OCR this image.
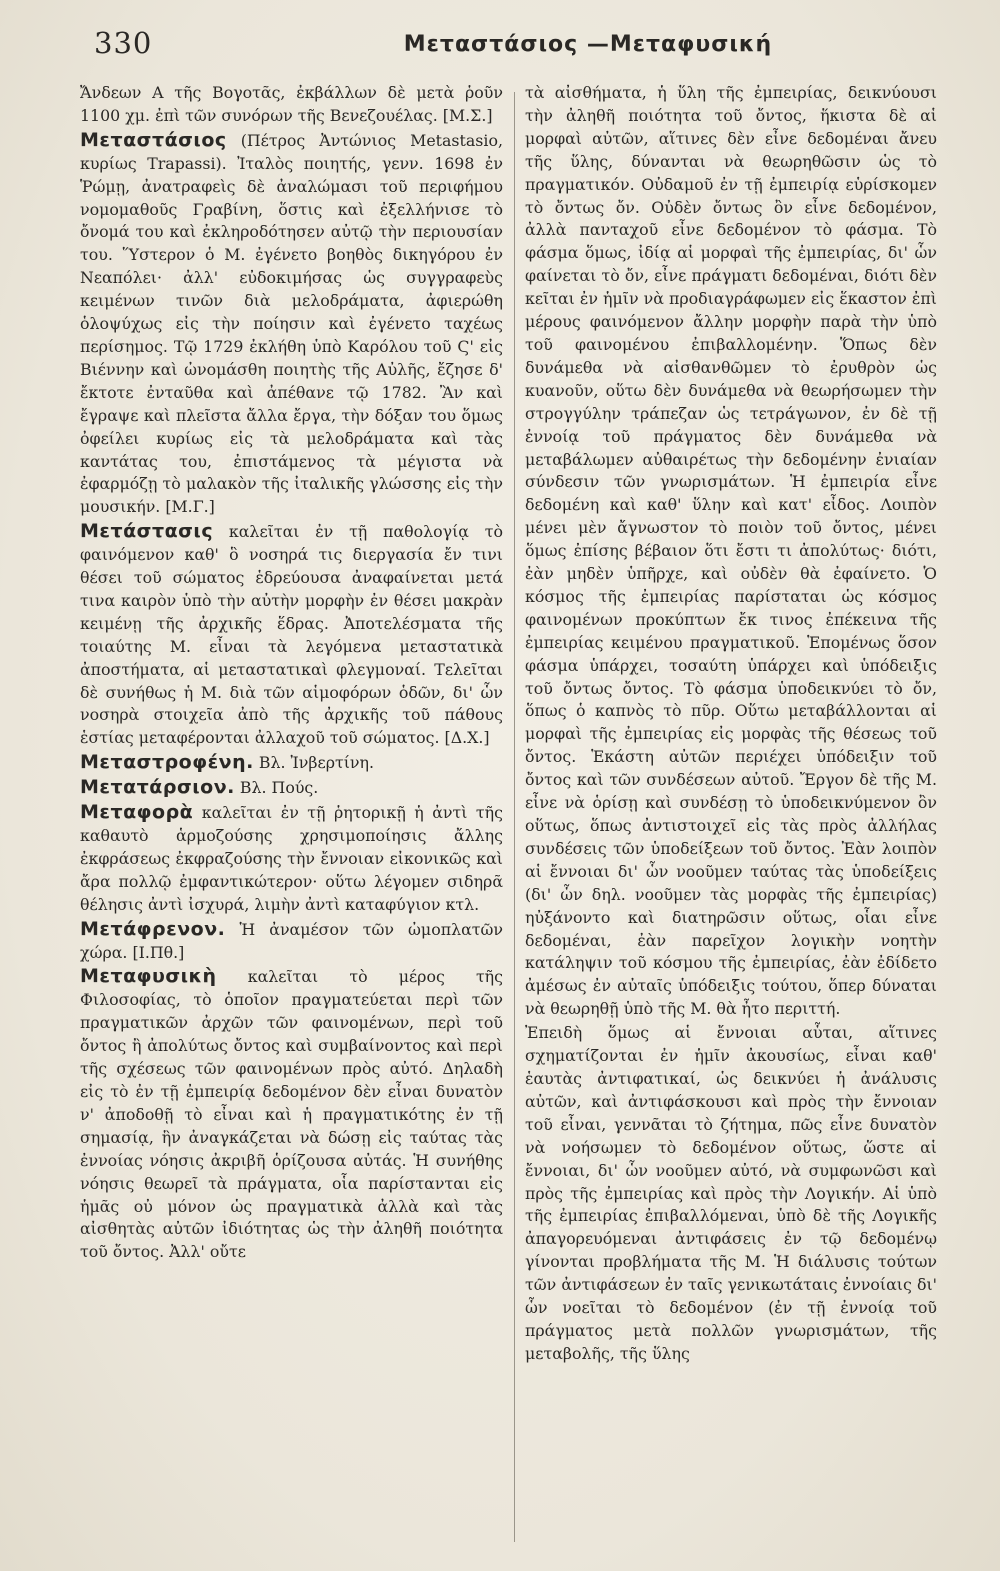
330	Μεταστάσιος —Μεταφυσική

Ἄνδεων Α τῆς Βογοτᾶς, ἐκβάλλων δὲ μετὰ ῥοῦν 1100 χμ. ἐπὶ τῶν συνόρων τῆς Βενεζουέλας. [Μ.Σ.]

Μεταστάσιος (Πέτρος Ἀντώνιος Metastasio, κυρίως Trapassi). Ἰταλὸς ποιητής, γενν. 1698 ἐν Ῥώμῃ, ἀνατραφεὶς δὲ ἀναλώμασι τοῦ περιφήμου νομομαθοῦς Γραβίνη, ὅστις καὶ ἐξελλήνισε τὸ ὄνομά του καὶ ἐκληροδότησεν αὐτῷ τὴν περιουσίαν του. Ὕστερον ὁ Μ. ἐγένετο βοηθὸς δικηγόρου ἐν Νεαπόλει· ἀλλ' εὐδοκιμήσας ὡς συγγραφεὺς κειμένων τινῶν διὰ μελοδράματα, ἀφιερώθη ὁλοψύχως εἰς τὴν ποίησιν καὶ ἐγένετο ταχέως περίσημος. Τῷ 1729 ἐκλήθη ὑπὸ Καρόλου τοῦ Ϛ' εἰς Βιέννην καὶ ὠνομάσθη ποιητὴς τῆς Αὐλῆς, ἔζησε δ' ἔκτοτε ἐνταῦθα καὶ ἀπέθανε τῷ 1782. Ἂν καὶ ἔγραψε καὶ πλεῖστα ἄλλα ἔργα, τὴν δόξαν του ὅμως ὀφείλει κυρίως εἰς τὰ μελοδράματα καὶ τὰς καντάτας του, ἐπιστάμενος τὰ μέγιστα νὰ ἐφαρμόζῃ τὸ μαλακὸν τῆς ἰταλικῆς γλώσσης εἰς τὴν μουσικήν. [Μ.Γ.]

Μετάστασις καλεῖται ἐν τῇ παθολογίᾳ τὸ φαινόμενον καθ' ὃ νοσηρά τις διεργασία ἔν τινι θέσει τοῦ σώματος ἑδρεύουσα ἀναφαίνεται μετά τινα καιρὸν ὑπὸ τὴν αὐτὴν μορφὴν ἐν θέσει μακρὰν κειμένῃ τῆς ἀρχικῆς ἕδρας. Ἀποτελέσματα τῆς τοιαύτης Μ. εἶναι τὰ λεγόμενα μεταστατικὰ ἀποστήματα, αἱ μεταστατικαὶ φλεγμοναί. Τελεῖται δὲ συνήθως ἡ Μ. διὰ τῶν αἱμοφόρων ὁδῶν, δι' ὧν νοσηρὰ στοιχεῖα ἀπὸ τῆς ἀρχικῆς τοῦ πάθους ἑστίας μεταφέρονται ἀλλαχοῦ τοῦ σώματος. [Δ.Χ.]

Μεταστροφένη. Βλ. Ἰνβερτίνη.

Μετατάρσιον. Βλ. Πούς.

Μεταφορὰ καλεῖται ἐν τῇ ῥητορικῇ ἡ ἀντὶ τῆς καθαυτὸ ἁρμοζούσης χρησιμοποίησις ἄλλης ἐκφράσεως ἐκφραζούσης τὴν ἔννοιαν εἰκονικῶς καὶ ἄρα πολλῷ ἐμφαντικώτερον· οὕτω λέγομεν σιδηρᾶ θέλησις ἀντὶ ἰσχυρά, λιμὴν ἀντὶ καταφύγιον κτλ.

Μετάφρενον. Ἡ ἀναμέσον τῶν ὠμοπλατῶν χώρα. [Ι.Πθ.]

Μεταφυσικὴ καλεῖται τὸ μέρος τῆς Φιλοσοφίας, τὸ ὁποῖον πραγματεύεται περὶ τῶν πραγματικῶν ἀρχῶν τῶν φαινομένων, περὶ τοῦ ὄντος ἢ ἀπολύτως ὄντος καὶ συμβαίνοντος καὶ περὶ τῆς σχέσεως τῶν φαινομένων πρὸς αὐτό. Δηλαδὴ εἰς τὸ ἐν τῇ ἐμπειρίᾳ δεδομένον δὲν εἶναι δυνατὸν ν' ἀποδοθῇ τὸ εἶναι καὶ ἡ πραγματικότης ἐν τῇ σημασίᾳ, ἣν ἀναγκάζεται νὰ δώσῃ εἰς ταύτας τὰς ἐννοίας νόησις ἀκριβῆ ὁρίζουσα αὐτάς. Ἡ συνήθης νόησις θεωρεῖ τὰ πράγματα, οἷα παρίστανται εἰς ἡμᾶς οὐ μόνον ὡς πραγματικὰ ἀλλὰ καὶ τὰς αἰσθητὰς αὐτῶν ἰδιότητας ὡς τὴν ἀληθῆ ποιότητα τοῦ ὄντος. Ἀλλ' οὔτε

τὰ αἰσθήματα, ἡ ὕλη τῆς ἐμπειρίας, δεικνύουσι τὴν ἀληθῆ ποιότητα τοῦ ὄντος, ἥκιστα δὲ αἱ μορφαὶ αὐτῶν, αἵτινες δὲν εἶνε δεδομέναι ἄνευ τῆς ὕλης, δύνανται νὰ θεωρηθῶσιν ὡς τὸ πραγματικόν. Οὐδαμοῦ ἐν τῇ ἐμπειρίᾳ εὑρίσκομεν τὸ ὄντως ὄν. Οὐδὲν ὄντως ὂν εἶνε δεδομένον, ἀλλὰ πανταχοῦ εἶνε δεδομένον τὸ φάσμα. Τὸ φάσμα ὅμως, ἰδίᾳ αἱ μορφαὶ τῆς ἐμπειρίας, δι' ὧν φαίνεται τὸ ὄν, εἶνε πράγματι δεδομέναι, διότι δὲν κεῖται ἐν ἡμῖν νὰ προδιαγράφωμεν εἰς ἕκαστον ἐπὶ μέρους φαινόμενον ἄλλην μορφὴν παρὰ τὴν ὑπὸ τοῦ φαινομένου ἐπιβαλλομένην. Ὅπως δὲν δυνάμεθα νὰ αἰσθανθῶμεν τὸ ἐρυθρὸν ὡς κυανοῦν, οὕτω δὲν δυνάμεθα νὰ θεωρήσωμεν τὴν στρογγύλην τράπεζαν ὡς τετράγωνον, ἐν δὲ τῇ ἐννοίᾳ τοῦ πράγματος δὲν δυνάμεθα νὰ μεταβάλωμεν αὐθαιρέτως τὴν δεδομένην ἐνιαίαν σύνδεσιν τῶν γνωρισμάτων. Ἡ ἐμπειρία εἶνε δεδομένη καὶ καθ' ὕλην καὶ κατ' εἶδος. Λοιπὸν μένει μὲν ἄγνωστον τὸ ποιὸν τοῦ ὄντος, μένει ὅμως ἐπίσης βέβαιον ὅτι ἔστι τι ἀπολύτως· διότι, ἐὰν μηδὲν ὑπῆρχε, καὶ οὐδὲν θὰ ἐφαίνετο. Ὁ κόσμος τῆς ἐμπειρίας παρίσταται ὡς κόσμος φαινομένων προκύπτων ἔκ τινος ἐπέκεινα τῆς ἐμπειρίας κειμένου πραγματικοῦ. Ἑπομένως ὅσον φάσμα ὑπάρχει, τοσαύτη ὑπάρχει καὶ ὑπόδειξις τοῦ ὄντως ὄντος. Τὸ φάσμα ὑποδεικνύει τὸ ὄν, ὅπως ὁ καπνὸς τὸ πῦρ. Οὕτω μεταβάλλονται αἱ μορφαὶ τῆς ἐμπειρίας εἰς μορφὰς τῆς θέσεως τοῦ ὄντος. Ἑκάστη αὐτῶν περιέχει ὑπόδειξιν τοῦ ὄντος καὶ τῶν συνδέσεων αὐτοῦ. Ἔργον δὲ τῆς Μ. εἶνε νὰ ὁρίσῃ καὶ συνδέσῃ τὸ ὑποδεικνύμενον ὂν οὕτως, ὅπως ἀντιστοιχεῖ εἰς τὰς πρὸς ἀλλήλας συνδέσεις τῶν ὑποδείξεων τοῦ ὄντος. Ἐὰν λοιπὸν αἱ ἔννοιαι δι' ὧν νοοῦμεν ταύτας τὰς ὑποδείξεις (δι' ὧν δηλ. νοοῦμεν τὰς μορφὰς τῆς ἐμπειρίας) ηὐξάνοντο καὶ διατηρῶσιν οὕτως, οἷαι εἶνε δεδομέναι, ἐὰν παρεῖχον λογικὴν νοητὴν κατάληψιν τοῦ κόσμου τῆς ἐμπειρίας, ἐὰν ἐδίδετο ἀμέσως ἐν αὐταῖς ὑπόδειξις τούτου, ὅπερ δύναται νὰ θεωρηθῇ ὑπὸ τῆς Μ. θὰ ἦτο περιττή.

Ἐπειδὴ ὅμως αἱ ἔννοιαι αὗται, αἵτινες σχηματίζονται ἐν ἡμῖν ἀκουσίως, εἶναι καθ' ἑαυτὰς ἀντιφατικαί, ὡς δεικνύει ἡ ἀνάλυσις αὐτῶν, καὶ ἀντιφάσκουσι καὶ πρὸς τὴν ἔννοιαν τοῦ εἶναι, γεννᾶται τὸ ζήτημα, πῶς εἶνε δυνατὸν νὰ νοήσωμεν τὸ δεδομένον οὕτως, ὥστε αἱ ἔννοιαι, δι' ὧν νοοῦμεν αὐτό, νὰ συμφωνῶσι καὶ πρὸς τῆς ἐμπειρίας καὶ πρὸς τὴν Λογικήν. Αἱ ὑπὸ τῆς ἐμπειρίας ἐπιβαλλόμεναι, ὑπὸ δὲ τῆς Λογικῆς ἀπαγορευόμεναι ἀντιφάσεις ἐν τῷ δεδομένῳ γίνονται προβλήματα τῆς Μ. Ἡ διάλυσις τούτων τῶν ἀντιφάσεων ἐν ταῖς γενικωτάταις ἐννοίαις δι' ὧν νοεῖται τὸ δεδομένον (ἐν τῇ ἐννοίᾳ τοῦ πράγματος μετὰ πολλῶν γνωρισμάτων, τῆς μεταβολῆς, τῆς ὕλης
